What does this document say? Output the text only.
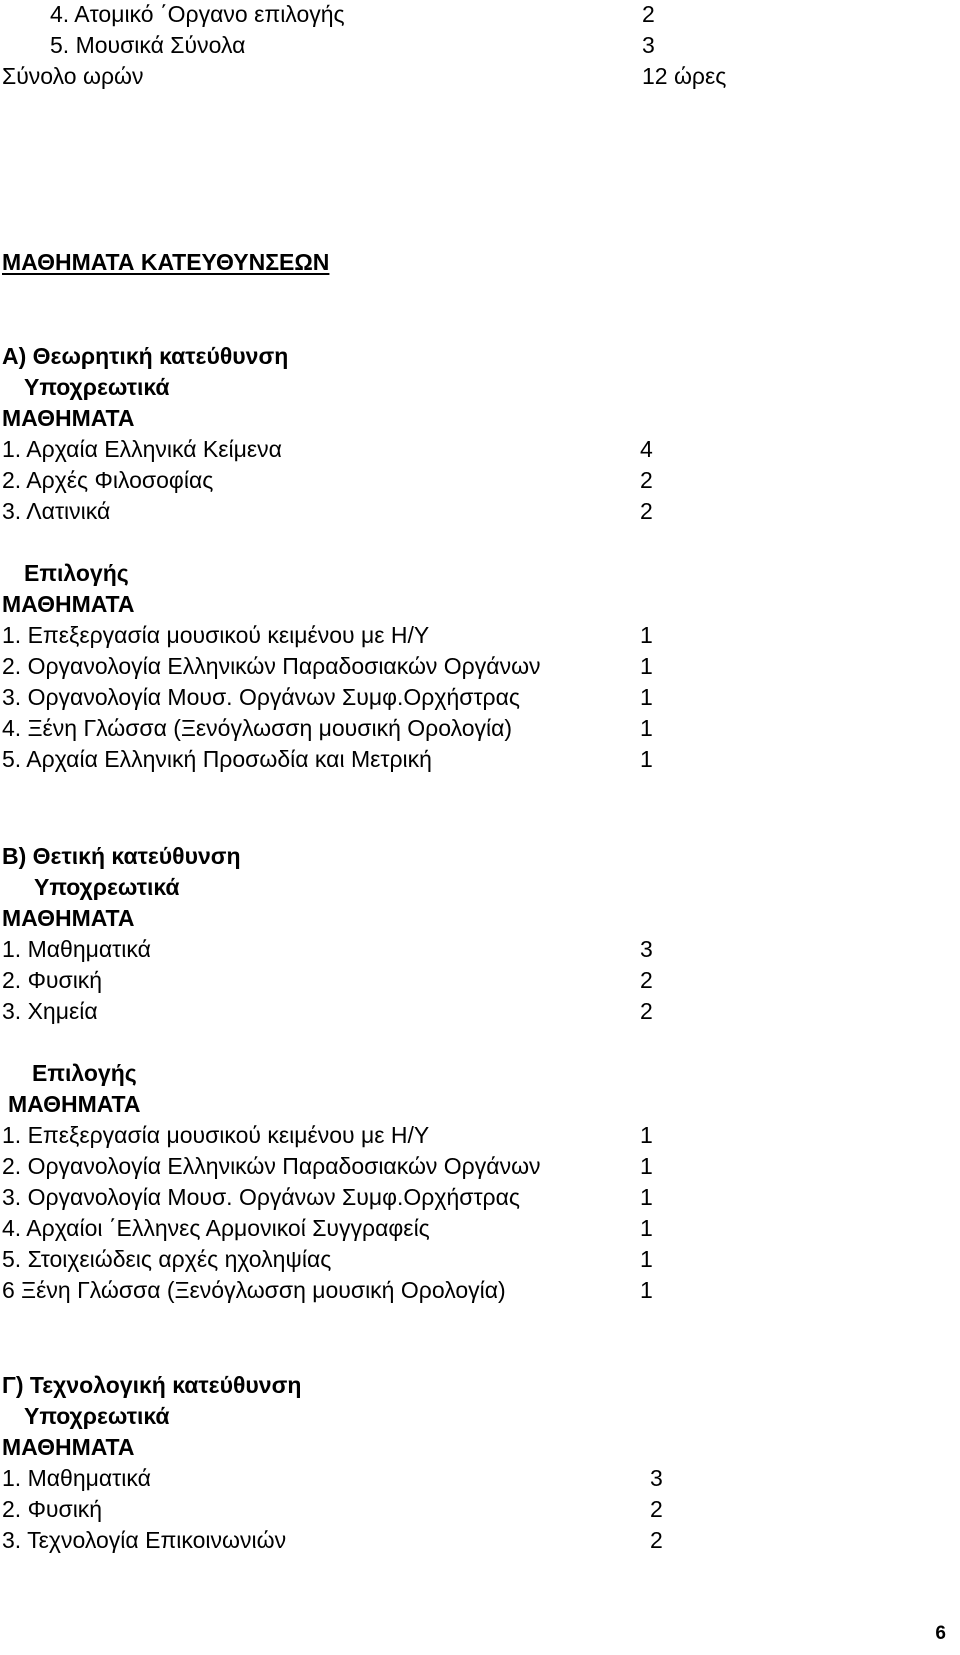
4. Ατομικό ΄Οργανο επιλογής	2
5. Μουσικά Σύνολα	3
Σύνολο ωρών	12 ώρες
ΜΑΘΗΜΑΤΑ ΚΑΤΕΥΘΥΝΣΕΩΝ
Α) Θεωρητική κατεύθυνση
Υποχρεωτικά
ΜΑΘΗΜΑΤΑ
1. Αρχαία Ελληνικά Κείμενα	4
2. Αρχές Φιλοσοφίας	2
3. Λατινικά	2
Επιλογής
ΜΑΘΗΜΑΤΑ
1. Επεξεργασία μουσικού κειμένου με Η/Υ	1
2. Οργανολογία Ελληνικών Παραδοσιακών Οργάνων	1
3. Οργανολογία Μουσ. Οργάνων Συμφ.Ορχήστρας	1
4. Ξένη Γλώσσα (Ξενόγλωσση μουσική Ορολογία)	1
5. Αρχαία Ελληνική Προσωδία και Μετρική	1
Β) Θετική κατεύθυνση
Υποχρεωτικά
ΜΑΘΗΜΑΤΑ
1. Μαθηματικά	3
2. Φυσική	2
3. Χημεία	2
Επιλογής
ΜΑΘΗΜΑΤΑ
1. Επεξεργασία μουσικού κειμένου με Η/Υ	1
2. Οργανολογία Ελληνικών Παραδοσιακών Οργάνων	1
3. Οργανολογία Μουσ. Οργάνων Συμφ.Ορχήστρας	1
4. Αρχαίοι ΄Ελληνες Αρμονικοί Συγγραφείς	1
5. Στοιχειώδεις αρχές ηχοληψίας	1
6 Ξένη Γλώσσα (Ξενόγλωσση μουσική Ορολογία)	1
Γ) Τεχνολογική κατεύθυνση
Υποχρεωτικά
ΜΑΘΗΜΑΤΑ
1. Μαθηματικά	3
2. Φυσική	2
3. Τεχνολογία Επικοινωνιών	2
6
